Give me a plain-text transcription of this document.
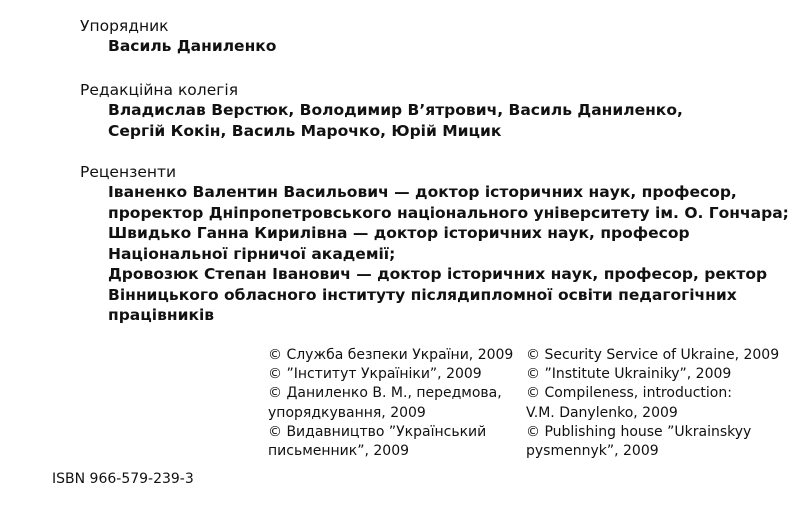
Упорядник
Василь Даниленко
Редакційна колегія
Владислав Верстюк, Володимир В’ятрович, Василь Даниленко,
Сергій Кокін, Василь Марочко, Юрій Мицик
Рецензенти
Іваненко Валентин Васильович — доктор історичних наук, професор,
проректор Дніпропетровського національного університету ім. О. Гончара;
Швидько Ганна Кирилівна — доктор історичних наук, професор
Національної гірничої академії;
Дровозюк Степан Іванович — доктор історичних наук, професор, ректор
Вінницького обласного інституту післядипломної освіти педагогічних
працівників
© Служба безпеки України, 2009
© ”Інститут Україніки”, 2009
© Даниленко В. М., передмова,
упорядкування, 2009
© Видавництво ”Український
письменник”, 2009
© Security Service of Ukraine, 2009
© ”Institute Ukrainiky”, 2009
© Compileness, introduction:
V.M. Danylenko, 2009
© Publishing house ”Ukrainskyy
pysmennyk”, 2009
ISBN 966-579-239-3
